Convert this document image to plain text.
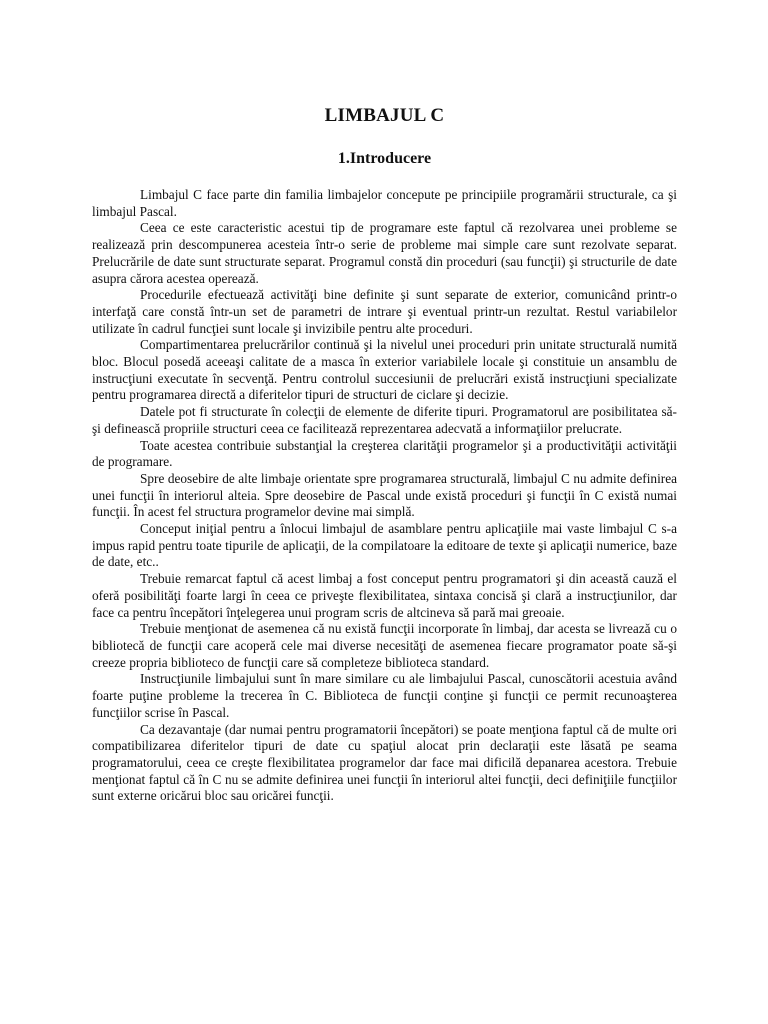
LIMBAJUL C
1.Introducere

Limbajul C face parte din familia limbajelor concepute pe principiile programării structurale, ca şi limbajul Pascal.

Ceea ce este caracteristic acestui tip de programare este faptul că rezolvarea unei probleme se realizează prin descompunerea acesteia într-o serie de probleme mai simple care sunt rezolvate separat. Prelucrările de date sunt structurate separat. Programul constă din proceduri (sau funcţii) şi structurile de date asupra cărora acestea operează.

Procedurile efectuează activităţi bine definite şi sunt separate de exterior, comunicând printr-o interfaţă care constă într-un set de parametri de intrare şi eventual printr-un rezultat. Restul variabilelor utilizate în cadrul funcţiei sunt locale şi invizibile pentru alte proceduri.

Compartimentarea prelucrărilor continuă şi la nivelul unei proceduri prin unitate structurală numită bloc. Blocul posedă aceeaşi calitate de a masca în exterior variabilele locale şi constituie un ansamblu de instrucţiuni executate în secvenţă. Pentru controlul succesiunii de prelucrări există instrucţiuni specializate pentru programarea directă a diferitelor tipuri de structuri de ciclare şi decizie.

Datele pot fi structurate în colecţii de elemente de diferite tipuri. Programatorul are posibilitatea să-şi definească propriile structuri ceea ce facilitează reprezentarea adecvată a informaţiilor prelucrate.

Toate acestea contribuie substanţial la creşterea clarităţii programelor şi a productivităţii activităţii de programare.

Spre deosebire de alte limbaje orientate spre programarea structurală, limbajul C nu admite definirea unei funcţii în interiorul alteia. Spre deosebire de Pascal unde există proceduri şi funcţii în C există numai funcţii. În acest fel structura programelor devine mai simplă.

Conceput iniţial pentru a înlocui limbajul de asamblare pentru aplicaţiile mai vaste limbajul C s-a impus rapid pentru toate tipurile de aplicaţii, de la compilatoare la editoare de texte şi aplicaţii numerice, baze de date, etc..

Trebuie remarcat faptul că acest limbaj a fost conceput pentru programatori şi din această cauză el oferă posibilităţi foarte largi în ceea ce priveşte flexibilitatea, sintaxa concisă şi clară a instrucţiunilor, dar face ca pentru începători înţelegerea unui program scris de altcineva să pară mai greoaie.

Trebuie menţionat de asemenea că nu există funcţii incorporate în limbaj, dar acesta se livrează cu o bibliotecă de funcţii care acoperă cele mai diverse necesităţi de asemenea fiecare programator poate să-şi creeze propria biblioteco de funcţii care să completeze biblioteca standard.

Instrucţiunile limbajului sunt în mare similare cu ale limbajului Pascal, cunoscătorii acestuia având foarte puţine probleme la trecerea în C. Biblioteca de funcţii conţine şi funcţii ce permit recunoaşterea funcţiilor scrise în Pascal.

Ca dezavantaje (dar numai pentru programatorii începători) se poate menţiona faptul că de multe ori compatibilizarea diferitelor tipuri de date cu spaţiul alocat prin declaraţii este lăsată pe seama programatorului, ceea ce creşte flexibilitatea programelor dar face mai dificilă depanarea acestora. Trebuie menţionat faptul că în C nu se admite definirea unei funcţii în interiorul altei funcţii, deci definiţiile funcţiilor sunt externe oricărui bloc sau oricărei funcţii.
